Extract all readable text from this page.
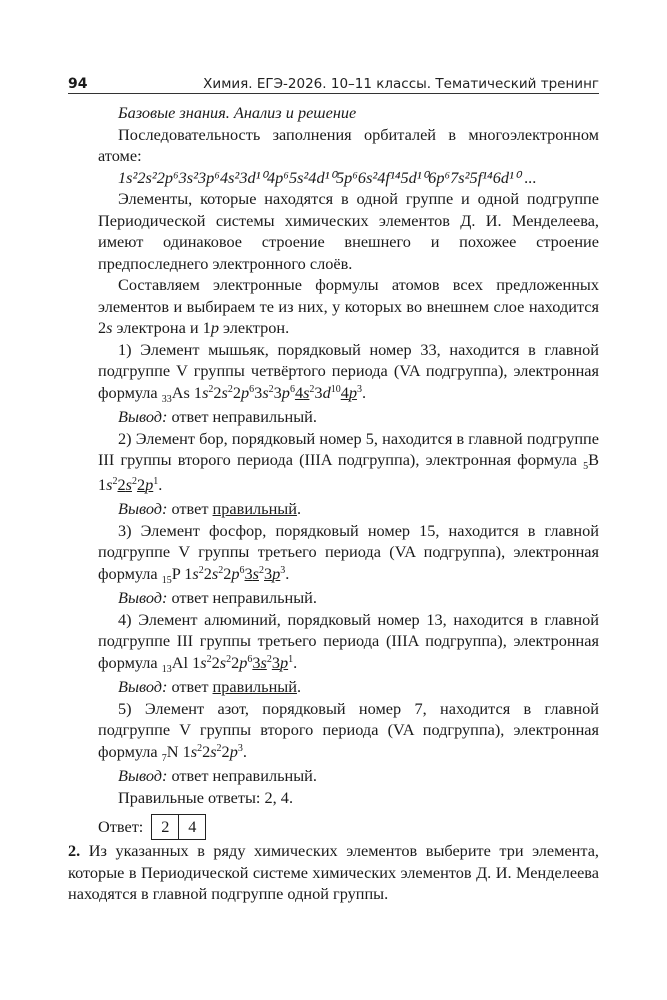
94	Химия. ЕГЭ-2026. 10–11 классы. Тематический тренинг

Базовые знания. Анализ и решение

Последовательность заполнения орбиталей в многоэлектронном атоме:

1s²2s²2p⁶3s²3p⁶4s²3d¹⁰4p⁶5s²4d¹⁰5p⁶6s²4f¹⁴5d¹⁰6p⁶7s²5f¹⁴6d¹⁰ ...

Элементы, которые находятся в одной группе и одной подгруппе Периодической системы химических элементов Д. И. Менделеева, имеют одинаковое строение внешнего и похожее строение предпоследнего электронного слоёв.

Составляем электронные формулы атомов всех предложенных элементов и выбираем те из них, у которых во внешнем слое находится 2s электрона и 1p электрон.

1) Элемент мышьяк, порядковый номер 33, находится в главной подгруппе V группы четвёртого периода (VA подгруппа), электронная формула $_{33}$As $1s^22s^22p^63s^23p^64s^23d^{10}4p^3$.

Вывод: ответ неправильный.

2) Элемент бор, порядковый номер 5, находится в главной подгруппе III группы второго периода (IIIA подгруппа), электронная формула $_5$B $1s^22s^22p^1$.

Вывод: ответ правильный.

3) Элемент фосфор, порядковый номер 15, находится в главной подгруппе V группы третьего периода (VA подгруппа), электронная формула $_{15}$P $1s^22s^22p^63s^23p^3$.

Вывод: ответ неправильный.

4) Элемент алюминий, порядковый номер 13, находится в главной подгруппе III группы третьего периода (IIIA подгруппа), электронная формула $_{13}$Al $1s^22s^22p^63s^23p^1$.

Вывод: ответ правильный.

5) Элемент азот, порядковый номер 7, находится в главной подгруппе V группы второго периода (VA подгруппа), электронная формула $_7$N $1s^22s^22p^3$.

Вывод: ответ неправильный.

Правильные ответы: 2, 4.

Ответ:	2	4

2. Из указанных в ряду химических элементов выберите три элемента, которые в Периодической системе химических элементов Д. И. Менделеева находятся в главной подгруппе одной группы.
